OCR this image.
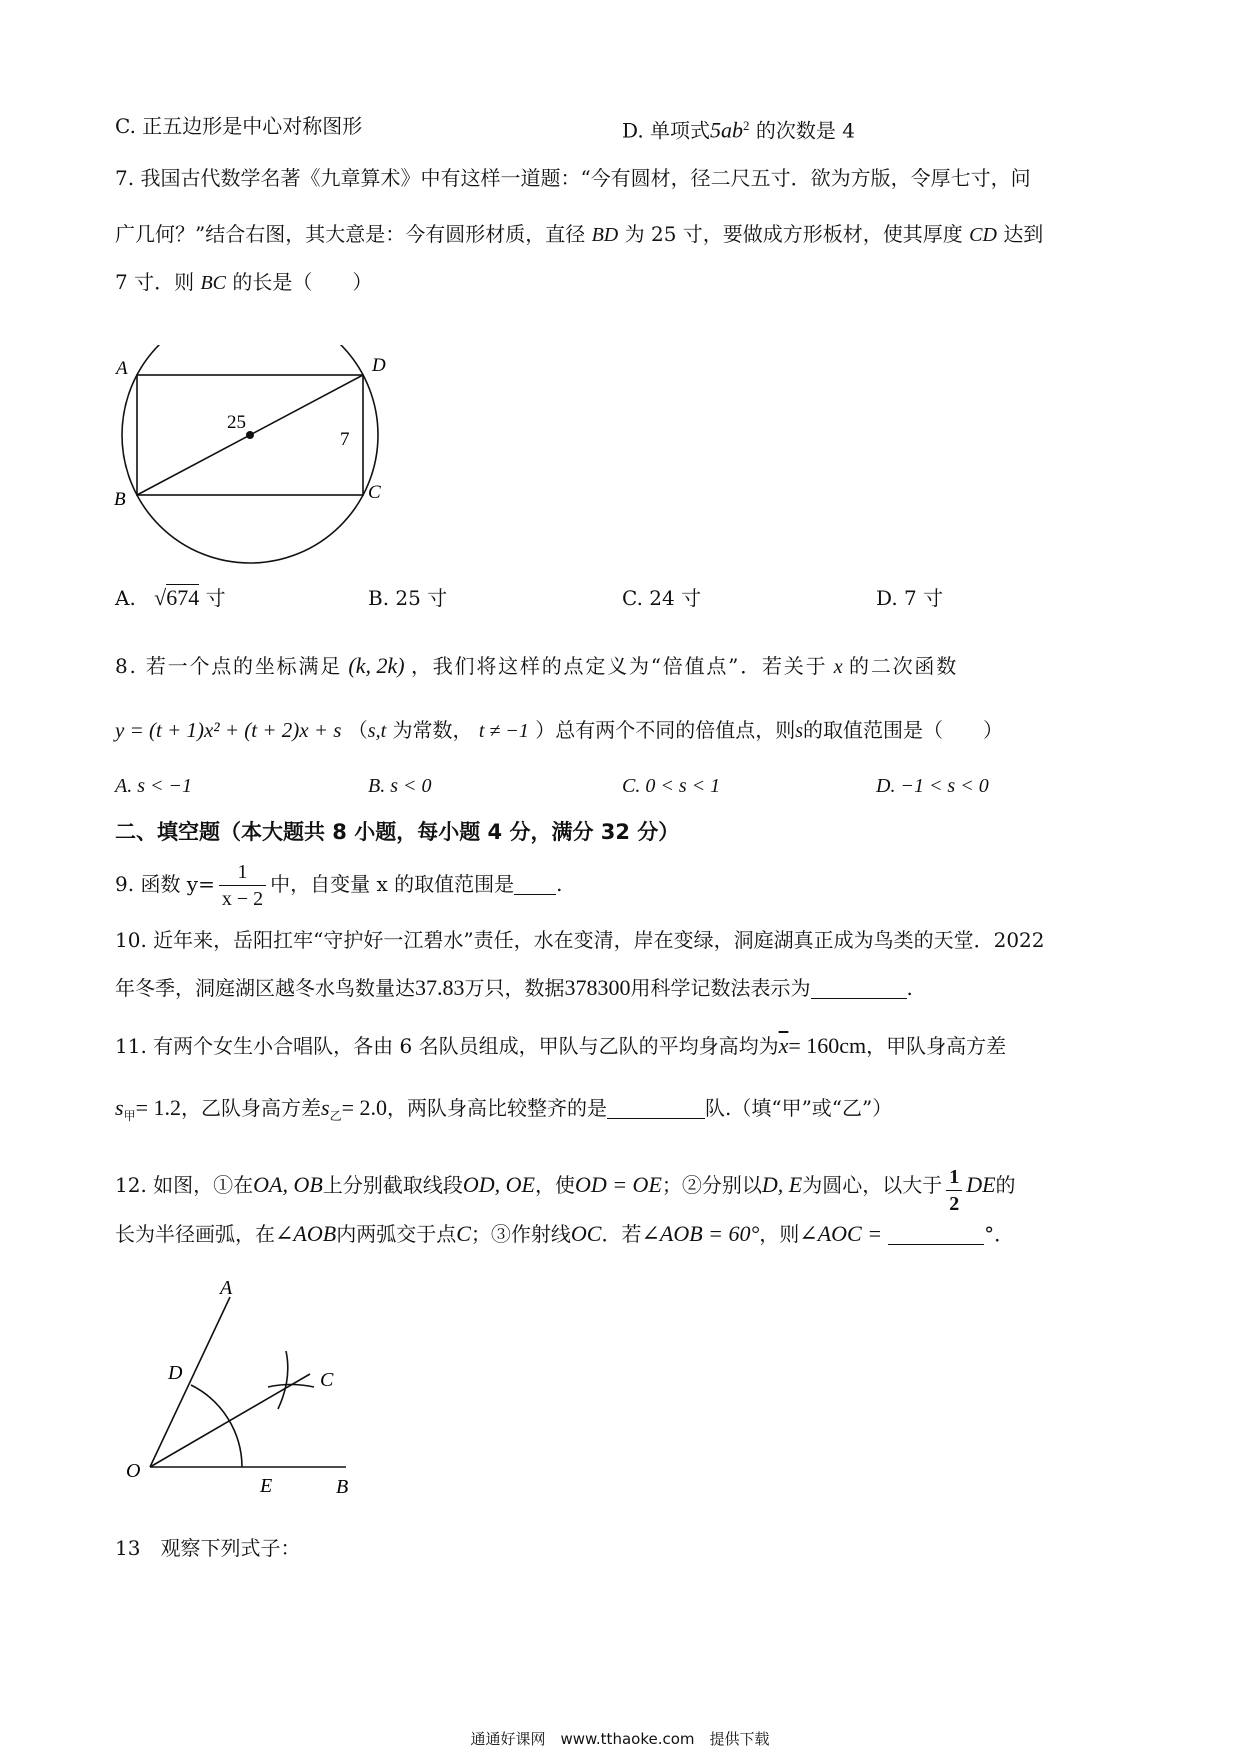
C. 正五边形是中心对称图形	D. 单项式$5ab^2$ 的次数是 4
7. 我国古代数学名著《九章算术》中有这样一道题：“今有圆材，径二尺五寸．欲为方版，令厚七寸，问
广几何？”结合右图，其大意是：今有圆形材质，直径 BD 为 25 寸，要做成方形板材，使其厚度 CD 达到
7 寸．则 BC 的长是（　　）
A	D
B	C
25
7
A. √674 寸	B. 25 寸	C. 24 寸	D. 7 寸
8. 若一个点的坐标满足 (k, 2k) ，我们将这样的点定义为“倍值点”．若关于 x 的二次函数
y = (t + 1)x² + (t + 2)x + s （s,t 为常数， t ≠ −1 ）总有两个不同的倍值点，则s的取值范围是（　　）
A. s < −1	B. s < 0	C. 0 < s < 1	D. −1 < s < 0
二、填空题（本大题共 8 小题，每小题 4 分，满分 32 分）
9. 函数 $y= \frac{1}{x - 2}$ 中，自变量 x 的取值范围是 .
10. 近年来，岳阳扛牢“守护好一江碧水”责任，水在变清，岸在变绿，洞庭湖真正成为鸟类的天堂．2022
年冬季，洞庭湖区越冬水鸟数量达37.83万只，数据378300用科学记数法表示为	.
11. 有两个女生小合唱队，各由 6 名队员组成，甲队与乙队的平均身高均为$\overline{x}= 160cm$，甲队身高方差
$s_甲= 1.2$，乙队身高方差$s_乙= 2.0$，两队身高比较整齐的是	队.（填“甲”或“乙”）
12. 如图，①在OA, OB上分别截取线段OD, OE，使OD = OE；②分别以D, E为圆心，以大于 $\frac{1}{2}$ DE的
长为半径画弧，在∠AOB内两弧交于点C；③作射线OC．若∠AOB = 60°，则∠AOC =	°．
A
D	C
O
E	B
13　观察下列式子：
通通好课网　www.tthaoke.com　提供下载
